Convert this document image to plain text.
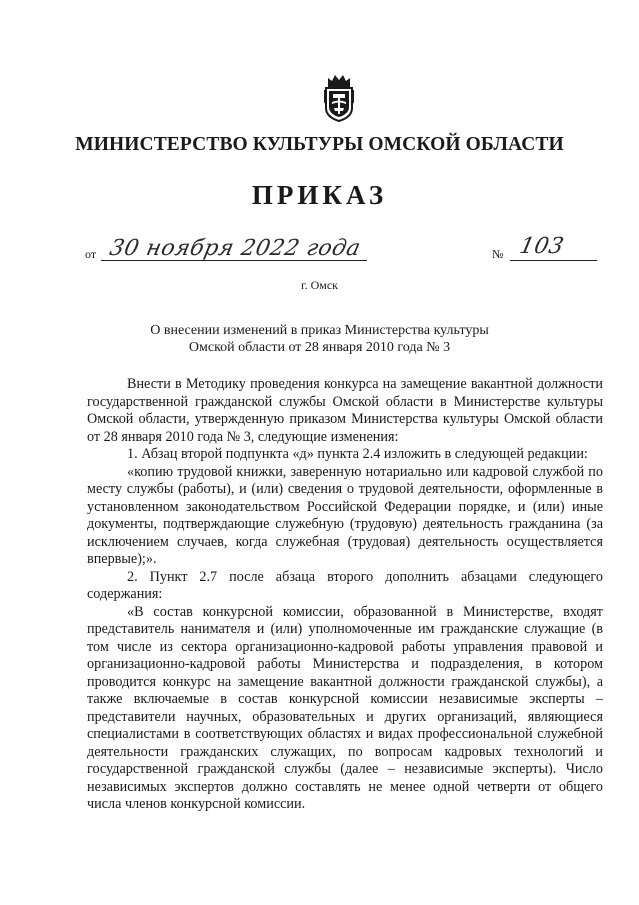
МИНИСТЕРСТВО КУЛЬТУРЫ ОМСКОЙ ОБЛАСТИ
ПРИКАЗ
от 30 ноября 2022 года	№ 103
г. Омск
О внесении изменений в приказ Министерства культуры
Омской области от 28 января 2010 года № 3

Внести в Методику проведения конкурса на замещение вакантной должности государственной гражданской службы Омской области в Министерстве культуры Омской области, утвержденную приказом Министерства культуры Омской области от 28 января 2010 года № 3, следующие изменения:

1. Абзац второй подпункта «д» пункта 2.4 изложить в следующей редакции:

«копию трудовой книжки, заверенную нотариально или кадровой службой по месту службы (работы), и (или) сведения о трудовой деятельности, оформленные в установленном законодательством Российской Федерации порядке, и (или) иные документы, подтверждающие служебную (трудовую) деятельность гражданина (за исключением случаев, когда служебная (трудовая) деятельность осуществляется впервые);».

2. Пункт 2.7 после абзаца второго дополнить абзацами следующего содержания:

«В состав конкурсной комиссии, образованной в Министерстве, входят представитель нанимателя и (или) уполномоченные им гражданские служащие (в том числе из сектора организационно-кадровой работы управления правовой и организационно-кадровой работы Министерства и подразделения, в котором проводится конкурс на замещение вакантной должности гражданской службы), а также включаемые в состав конкурсной комиссии независимые эксперты – представители научных, образовательных и других организаций, являющиеся специалистами в соответствующих областях и видах профессиональной служебной деятельности гражданских служащих, по вопросам кадровых технологий и государственной гражданской службы (далее – независимые эксперты). Число независимых экспертов должно составлять не менее одной четверти от общего числа членов конкурсной комиссии.
